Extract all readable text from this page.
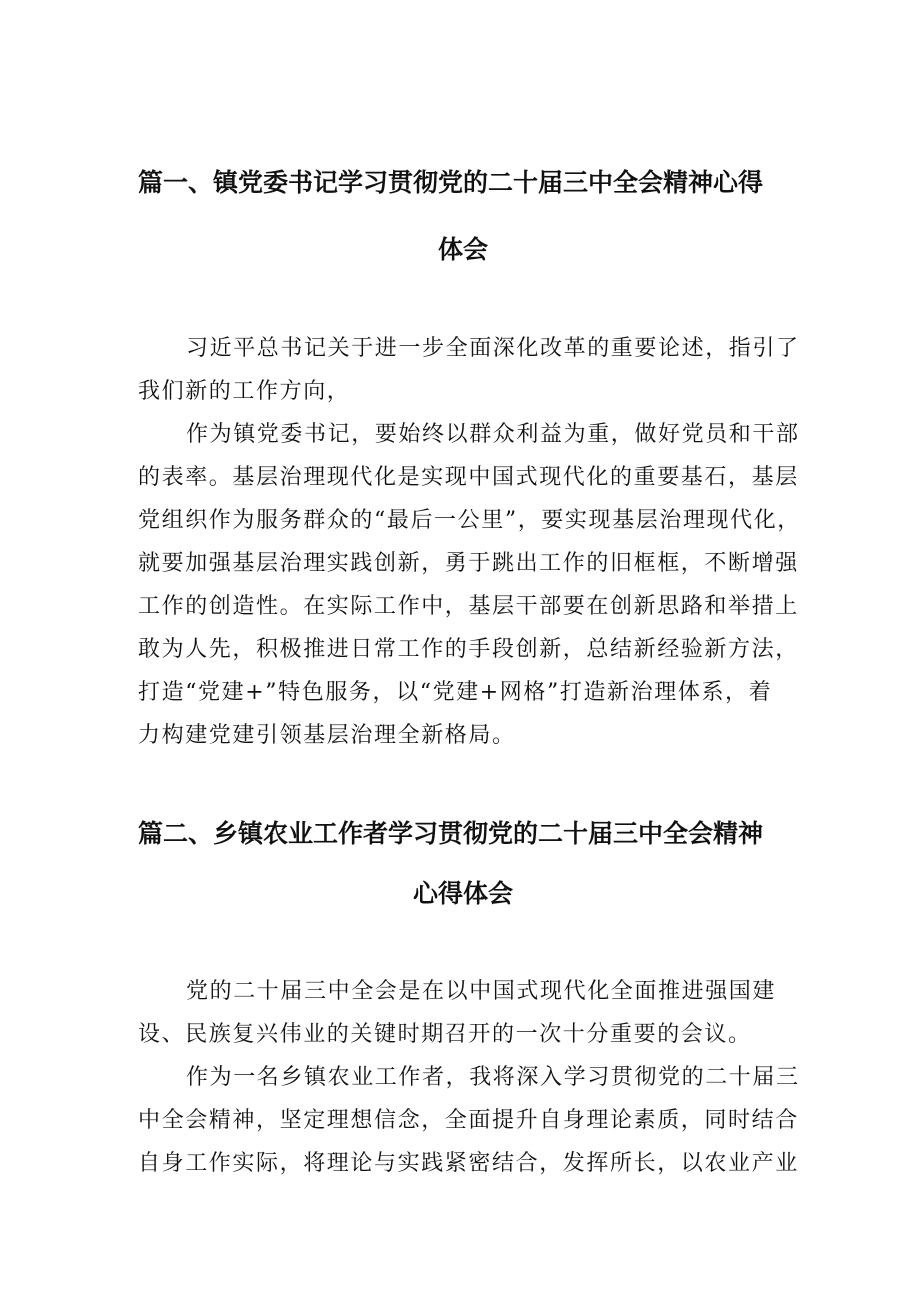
篇一、镇党委书记学习贯彻党的二十届三中全会精神心得
体会
习近平总书记关于进一步全面深化改革的重要论述，指引了
我们新的工作方向，
作为镇党委书记，要始终以群众利益为重，做好党员和干部
的表率。基层治理现代化是实现中国式现代化的重要基石，基层
党组织作为服务群众的“最后一公里”，要实现基层治理现代化，
就要加强基层治理实践创新，勇于跳出工作的旧框框，不断增强
工作的创造性。在实际工作中，基层干部要在创新思路和举措上
敢为人先，积极推进日常工作的手段创新，总结新经验新方法，
打造“党建+”特色服务，以“党建+网格”打造新治理体系，着
力构建党建引领基层治理全新格局。
篇二、乡镇农业工作者学习贯彻党的二十届三中全会精神
心得体会
党的二十届三中全会是在以中国式现代化全面推进强国建
设、民族复兴伟业的关键时期召开的一次十分重要的会议。
作为一名乡镇农业工作者，我将深入学习贯彻党的二十届三
中全会精神，坚定理想信念，全面提升自身理论素质，同时结合
自身工作实际，将理论与实践紧密结合，发挥所长，以农业产业
